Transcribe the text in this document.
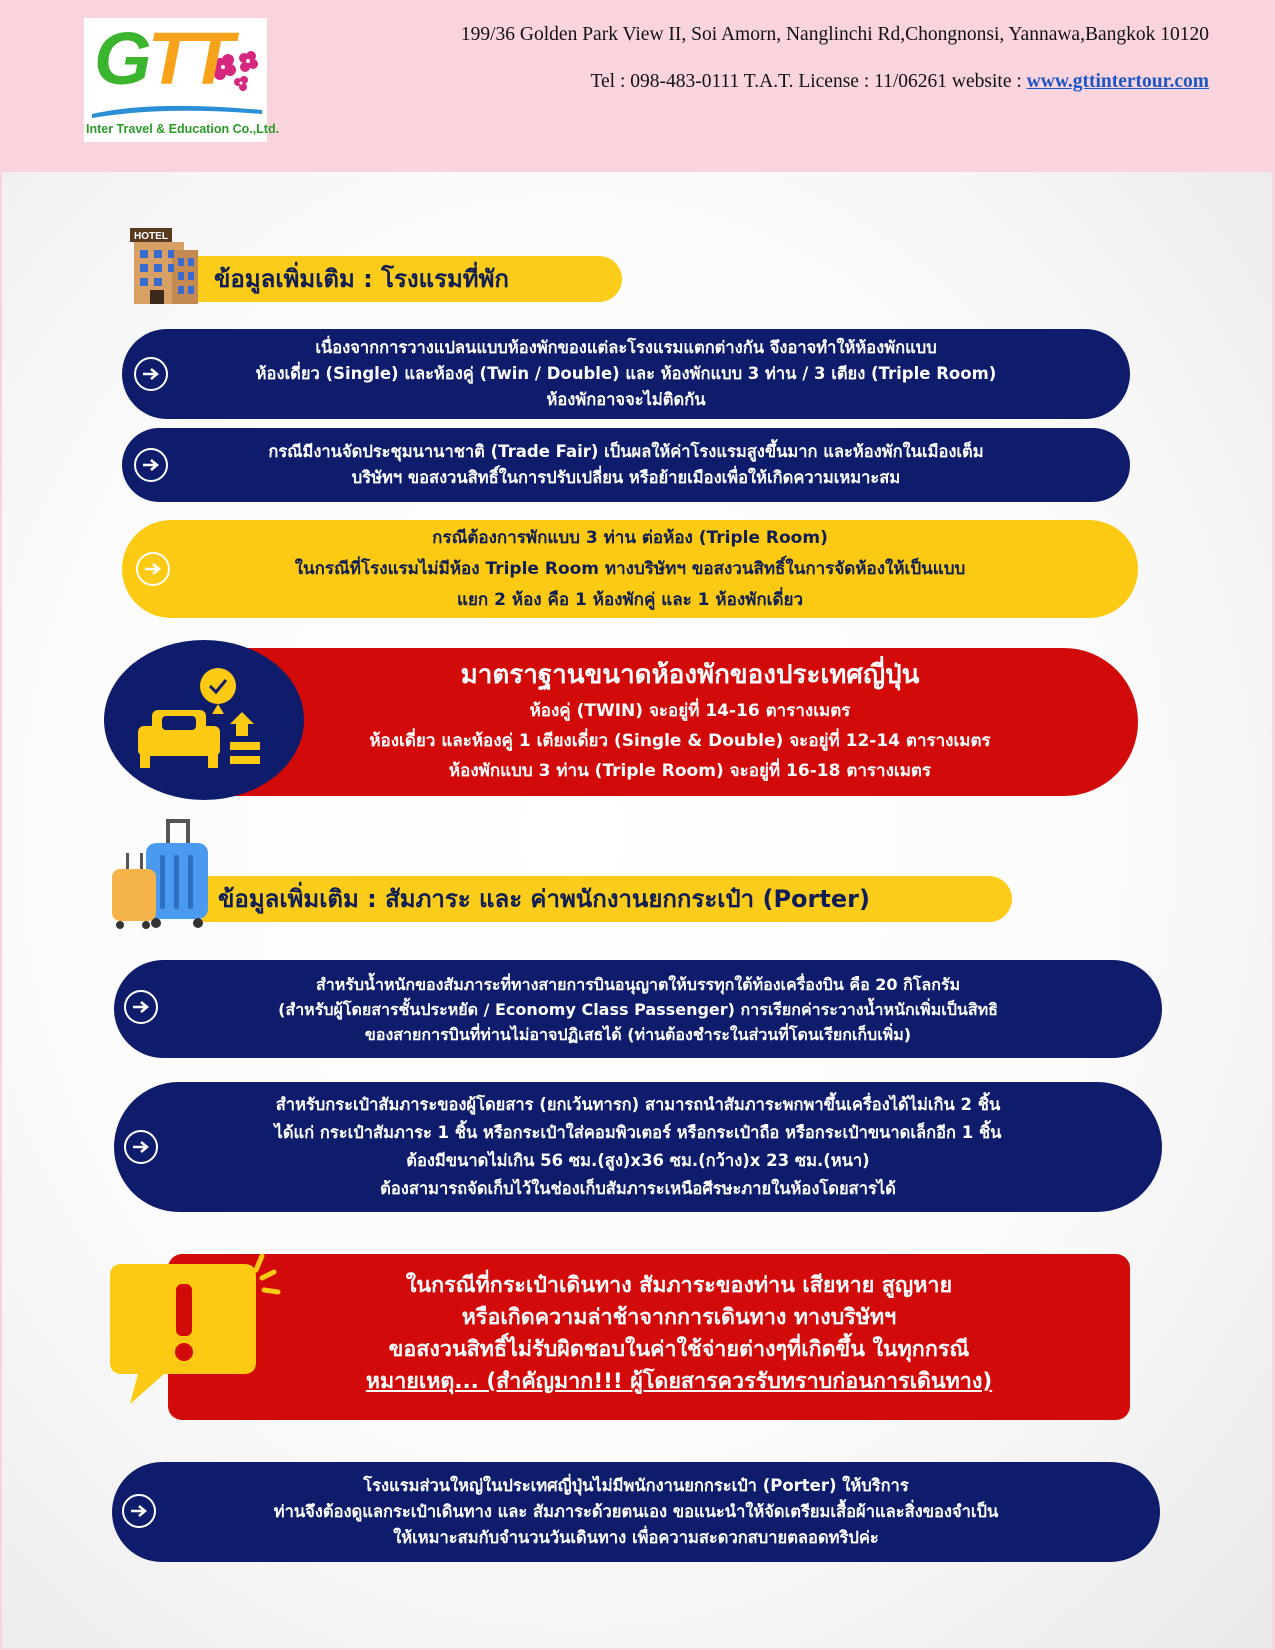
GTT
Inter Travel & Education Co.,Ltd.
199/36 Golden Park View II, Soi Amorn, Nanglinchi Rd,Chongnonsi, Yannawa,Bangkok 10120
Tel : 098-483-0111 T.A.T. License : 11/06261 website : www.gttintertour.com
ข้อมูลเพิ่มเติม : โรงแรมที่พัก
HOTEL

เนื่องจากการวางแปลนแบบห้องพักของแต่ละโรงแรมแตกต่างกัน จึงอาจทำให้ห้องพักแบบ

ห้องเดี่ยว (Single) และห้องคู่ (Twin / Double) และ ห้องพักแบบ 3 ท่าน / 3 เตียง (Triple Room)

ห้องพักอาจจะไม่ติดกัน

กรณีมีงานจัดประชุมนานาชาติ (Trade Fair) เป็นผลให้ค่าโรงแรมสูงขึ้นมาก และห้องพักในเมืองเต็ม

บริษัทฯ ขอสงวนสิทธิ์ในการปรับเปลี่ยน หรือย้ายเมืองเพื่อให้เกิดความเหมาะสม

กรณีต้องการพักแบบ 3 ท่าน ต่อห้อง (Triple Room)

ในกรณีที่โรงแรมไม่มีห้อง Triple Room ทางบริษัทฯ ขอสงวนสิทธิ์ในการจัดห้องให้เป็นแบบ

แยก 2 ห้อง คือ 1 ห้องพักคู่ และ 1 ห้องพักเดี่ยว

มาตราฐานขนาดห้องพักของประเทศญี่ปุ่น
ห้องคู่ (TWIN) จะอยู่ที่ 14-16 ตารางเมตร
ห้องเดี่ยว และห้องคู่ 1 เตียงเดี่ยว (Single & Double) จะอยู่ที่ 12-14 ตารางเมตร
ห้องพักแบบ 3 ท่าน (Triple Room) จะอยู่ที่ 16-18 ตารางเมตร
ข้อมูลเพิ่มเติม : สัมภาระ และ ค่าพนักงานยกกระเป๋า (Porter)

สำหรับน้ำหนักของสัมภาระที่ทางสายการบินอนุญาตให้บรรทุกใต้ท้องเครื่องบิน คือ 20 กิโลกรัม

(สำหรับผู้โดยสารชั้นประหยัด / Economy Class Passenger) การเรียกค่าระวางน้ำหนักเพิ่มเป็นสิทธิ

ของสายการบินที่ท่านไม่อาจปฏิเสธได้ (ท่านต้องชำระในส่วนที่โดนเรียกเก็บเพิ่ม)

สำหรับกระเป๋าสัมภาระของผู้โดยสาร (ยกเว้นทารก) สามารถนำสัมภาระพกพาขึ้นเครื่องได้ไม่เกิน 2 ชิ้น

ได้แก่ กระเป๋าสัมภาระ 1 ชิ้น หรือกระเป๋าใส่คอมพิวเตอร์ หรือกระเป๋าถือ หรือกระเป๋าขนาดเล็กอีก 1 ชิ้น

ต้องมีขนาดไม่เกิน 56 ซม.(สูง)x36 ซม.(กว้าง)x 23 ซม.(หนา)

ต้องสามารถจัดเก็บไว้ในช่องเก็บสัมภาระเหนือศีรษะภายในห้องโดยสารได้

ในกรณีที่กระเป๋าเดินทาง สัมภาระของท่าน เสียหาย สูญหาย
หรือเกิดความล่าช้าจากการเดินทาง ทางบริษัทฯ
ขอสงวนสิทธิ์ไม่รับผิดชอบในค่าใช้จ่ายต่างๆที่เกิดขึ้น ในทุกกรณี
หมายเหตุ... (สำคัญมาก!!! ผู้โดยสารควรรับทราบก่อนการเดินทาง)

โรงแรมส่วนใหญ่ในประเทศญี่ปุ่นไม่มีพนักงานยกกระเป๋า (Porter) ให้บริการ

ท่านจึงต้องดูแลกระเป๋าเดินทาง และ สัมภาระด้วยตนเอง ขอแนะนำให้จัดเตรียมเสื้อผ้าและสิ่งของจำเป็น

ให้เหมาะสมกับจำนวนวันเดินทาง เพื่อความสะดวกสบายตลอดทริปค่ะ
